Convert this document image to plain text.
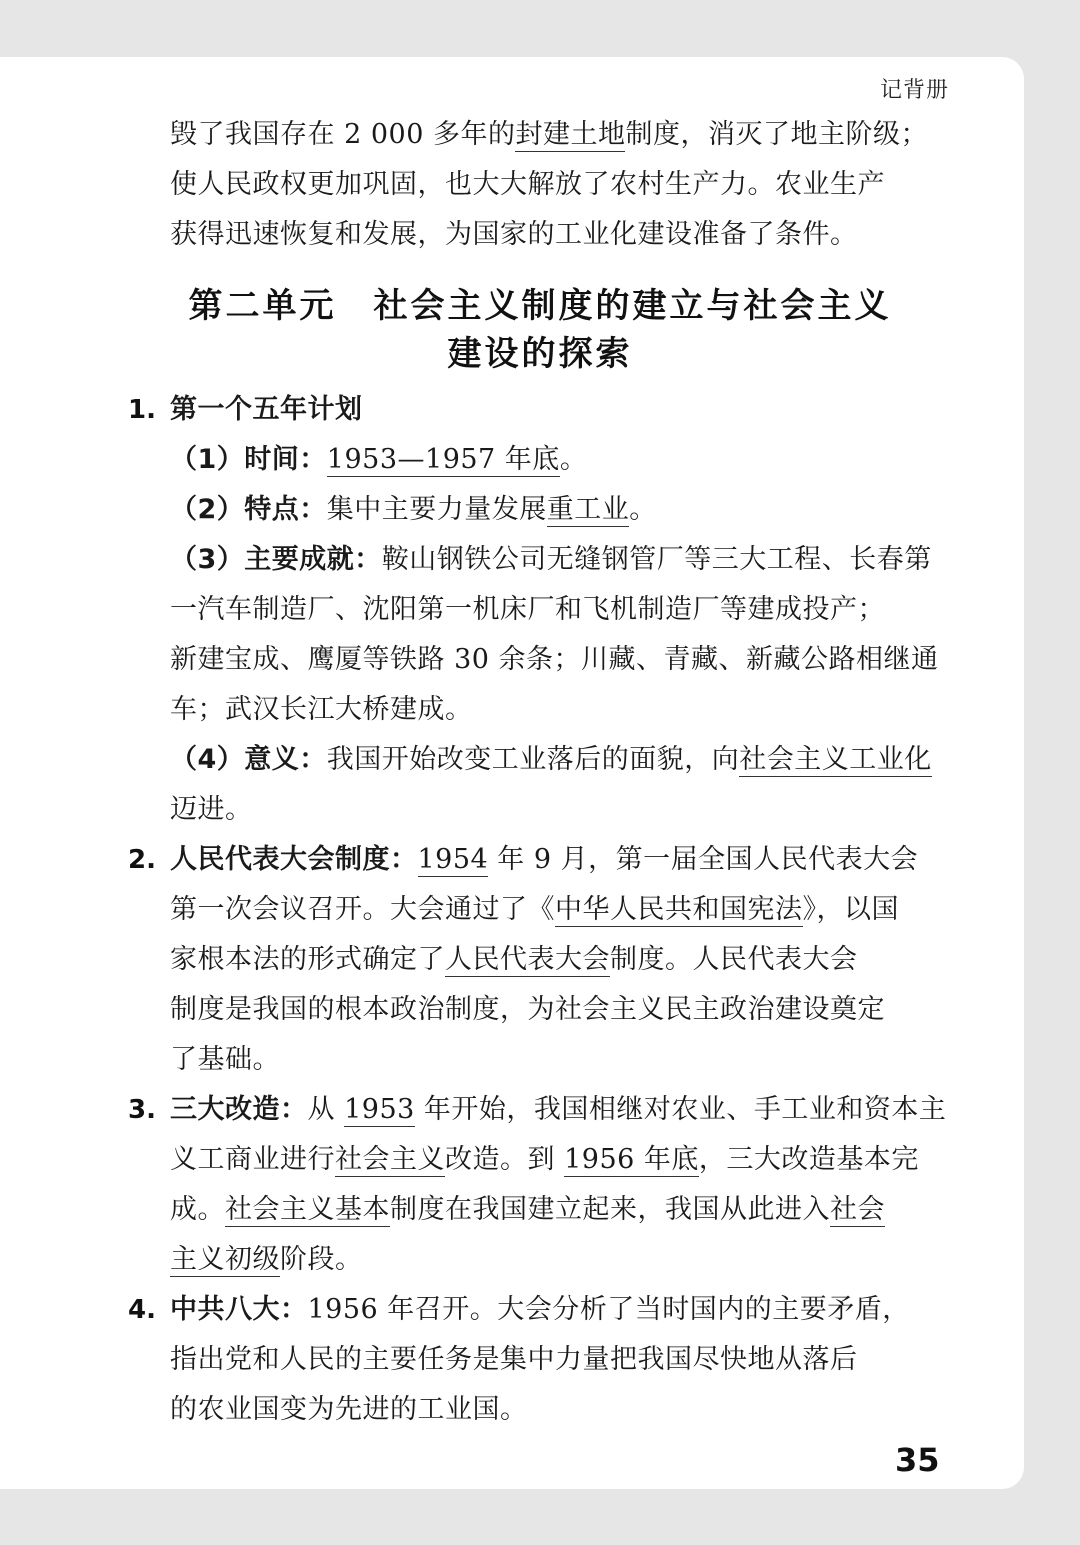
记背册
毁了我国存在 2 000 多年的封建土地制度，消灭了地主阶级；
使人民政权更加巩固，也大大解放了农村生产力。农业生产
获得迅速恢复和发展，为国家的工业化建设准备了条件。
第二单元　社会主义制度的建立与社会主义
建设的探索
1. 第一个五年计划
（1）时间：1953—1957 年底。
（2）特点：集中主要力量发展重工业。
（3）主要成就：鞍山钢铁公司无缝钢管厂等三大工程、长春第
一汽车制造厂、沈阳第一机床厂和飞机制造厂等建成投产；
新建宝成、鹰厦等铁路 30 余条；川藏、青藏、新藏公路相继通
车；武汉长江大桥建成。
（4）意义：我国开始改变工业落后的面貌，向社会主义工业化
迈进。
2. 人民代表大会制度：1954 年 9 月，第一届全国人民代表大会
第一次会议召开。大会通过了《中华人民共和国宪法》，以国
家根本法的形式确定了人民代表大会制度。人民代表大会
制度是我国的根本政治制度，为社会主义民主政治建设奠定
了基础。
3. 三大改造：从 1953 年开始，我国相继对农业、手工业和资本主
义工商业进行社会主义改造。到 1956 年底，三大改造基本完
成。社会主义基本制度在我国建立起来，我国从此进入社会
主义初级阶段。
4. 中共八大：1956 年召开。大会分析了当时国内的主要矛盾，
指出党和人民的主要任务是集中力量把我国尽快地从落后
的农业国变为先进的工业国。
35
